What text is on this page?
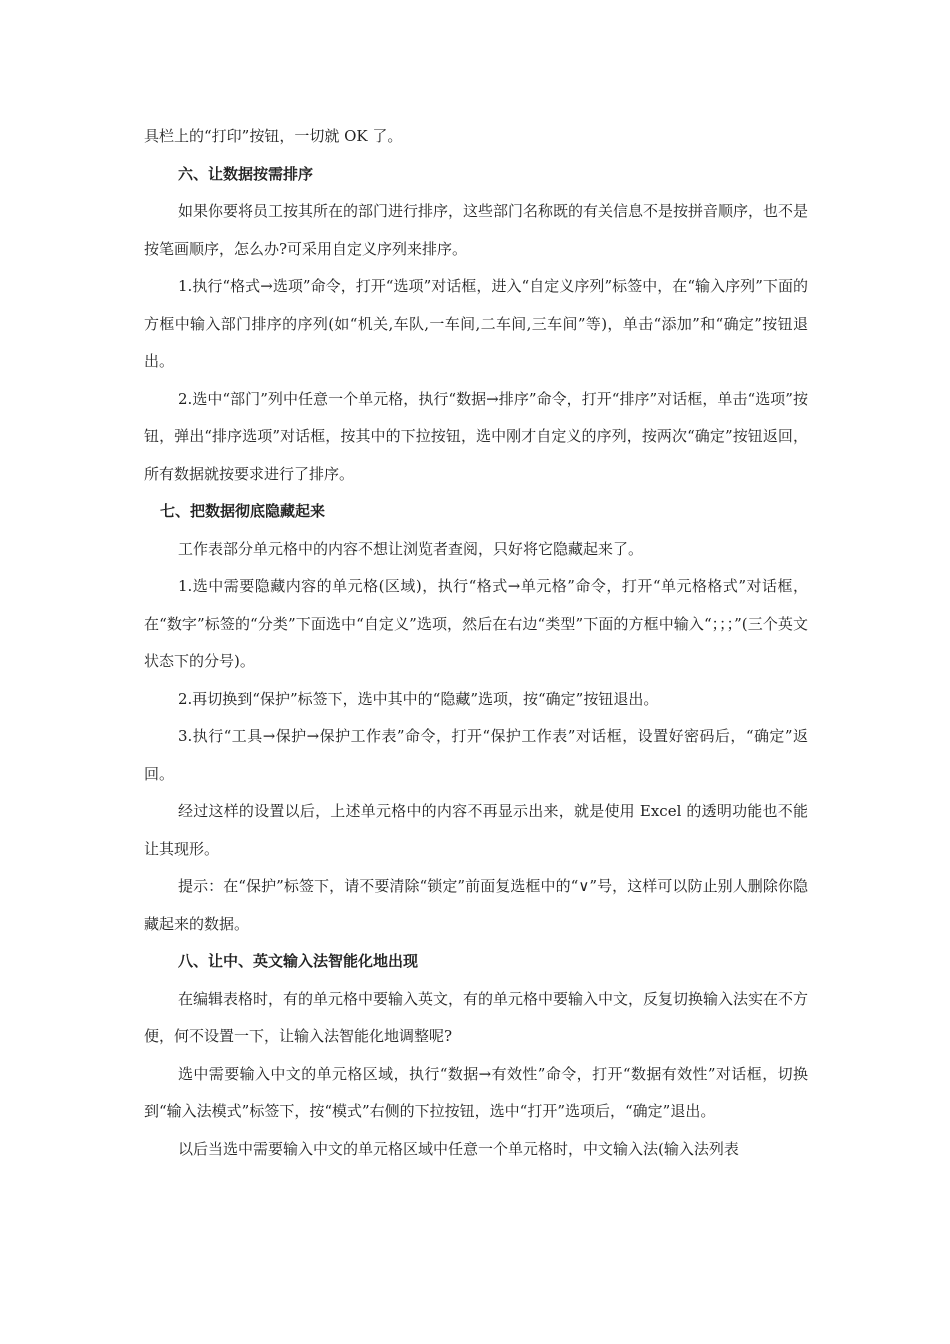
具栏上的“打印”按钮，一切就 OK 了。

六、让数据按需排序

如果你要将员工按其所在的部门进行排序，这些部门名称既的有关信息不是按拼音顺序，也不是按笔画顺序，怎么办?可采用自定义序列来排序。

1.执行“格式→选项”命令，打开“选项”对话框，进入“自定义序列”标签中，在“输入序列”下面的方框中输入部门排序的序列(如“机关,车队,一车间,二车间,三车间”等)，单击“添加”和“确定”按钮退出。

2.选中“部门”列中任意一个单元格，执行“数据→排序”命令，打开“排序”对话框，单击“选项”按钮，弹出“排序选项”对话框，按其中的下拉按钮，选中刚才自定义的序列，按两次“确定”按钮返回，所有数据就按要求进行了排序。

七、把数据彻底隐藏起来

工作表部分单元格中的内容不想让浏览者查阅，只好将它隐藏起来了。

1.选中需要隐藏内容的单元格(区域)，执行“格式→单元格”命令，打开“单元格格式”对话框，在“数字”标签的“分类”下面选中“自定义”选项，然后在右边“类型”下面的方框中输入“；；；”(三个英文状态下的分号)。

2.再切换到“保护”标签下，选中其中的“隐藏”选项，按“确定”按钮退出。

3.执行“工具→保护→保护工作表”命令，打开“保护工作表”对话框，设置好密码后，“确定”返回。

经过这样的设置以后，上述单元格中的内容不再显示出来，就是使用 Excel 的透明功能也不能让其现形。

提示：在“保护”标签下，请不要清除“锁定”前面复选框中的“∨”号，这样可以防止别人删除你隐藏起来的数据。

八、让中、英文输入法智能化地出现

在编辑表格时，有的单元格中要输入英文，有的单元格中要输入中文，反复切换输入法实在不方便，何不设置一下，让输入法智能化地调整呢?

选中需要输入中文的单元格区域，执行“数据→有效性”命令，打开“数据有效性”对话框，切换到“输入法模式”标签下，按“模式”右侧的下拉按钮，选中“打开”选项后，“确定”退出。

以后当选中需要输入中文的单元格区域中任意一个单元格时，中文输入法(输入法列表
